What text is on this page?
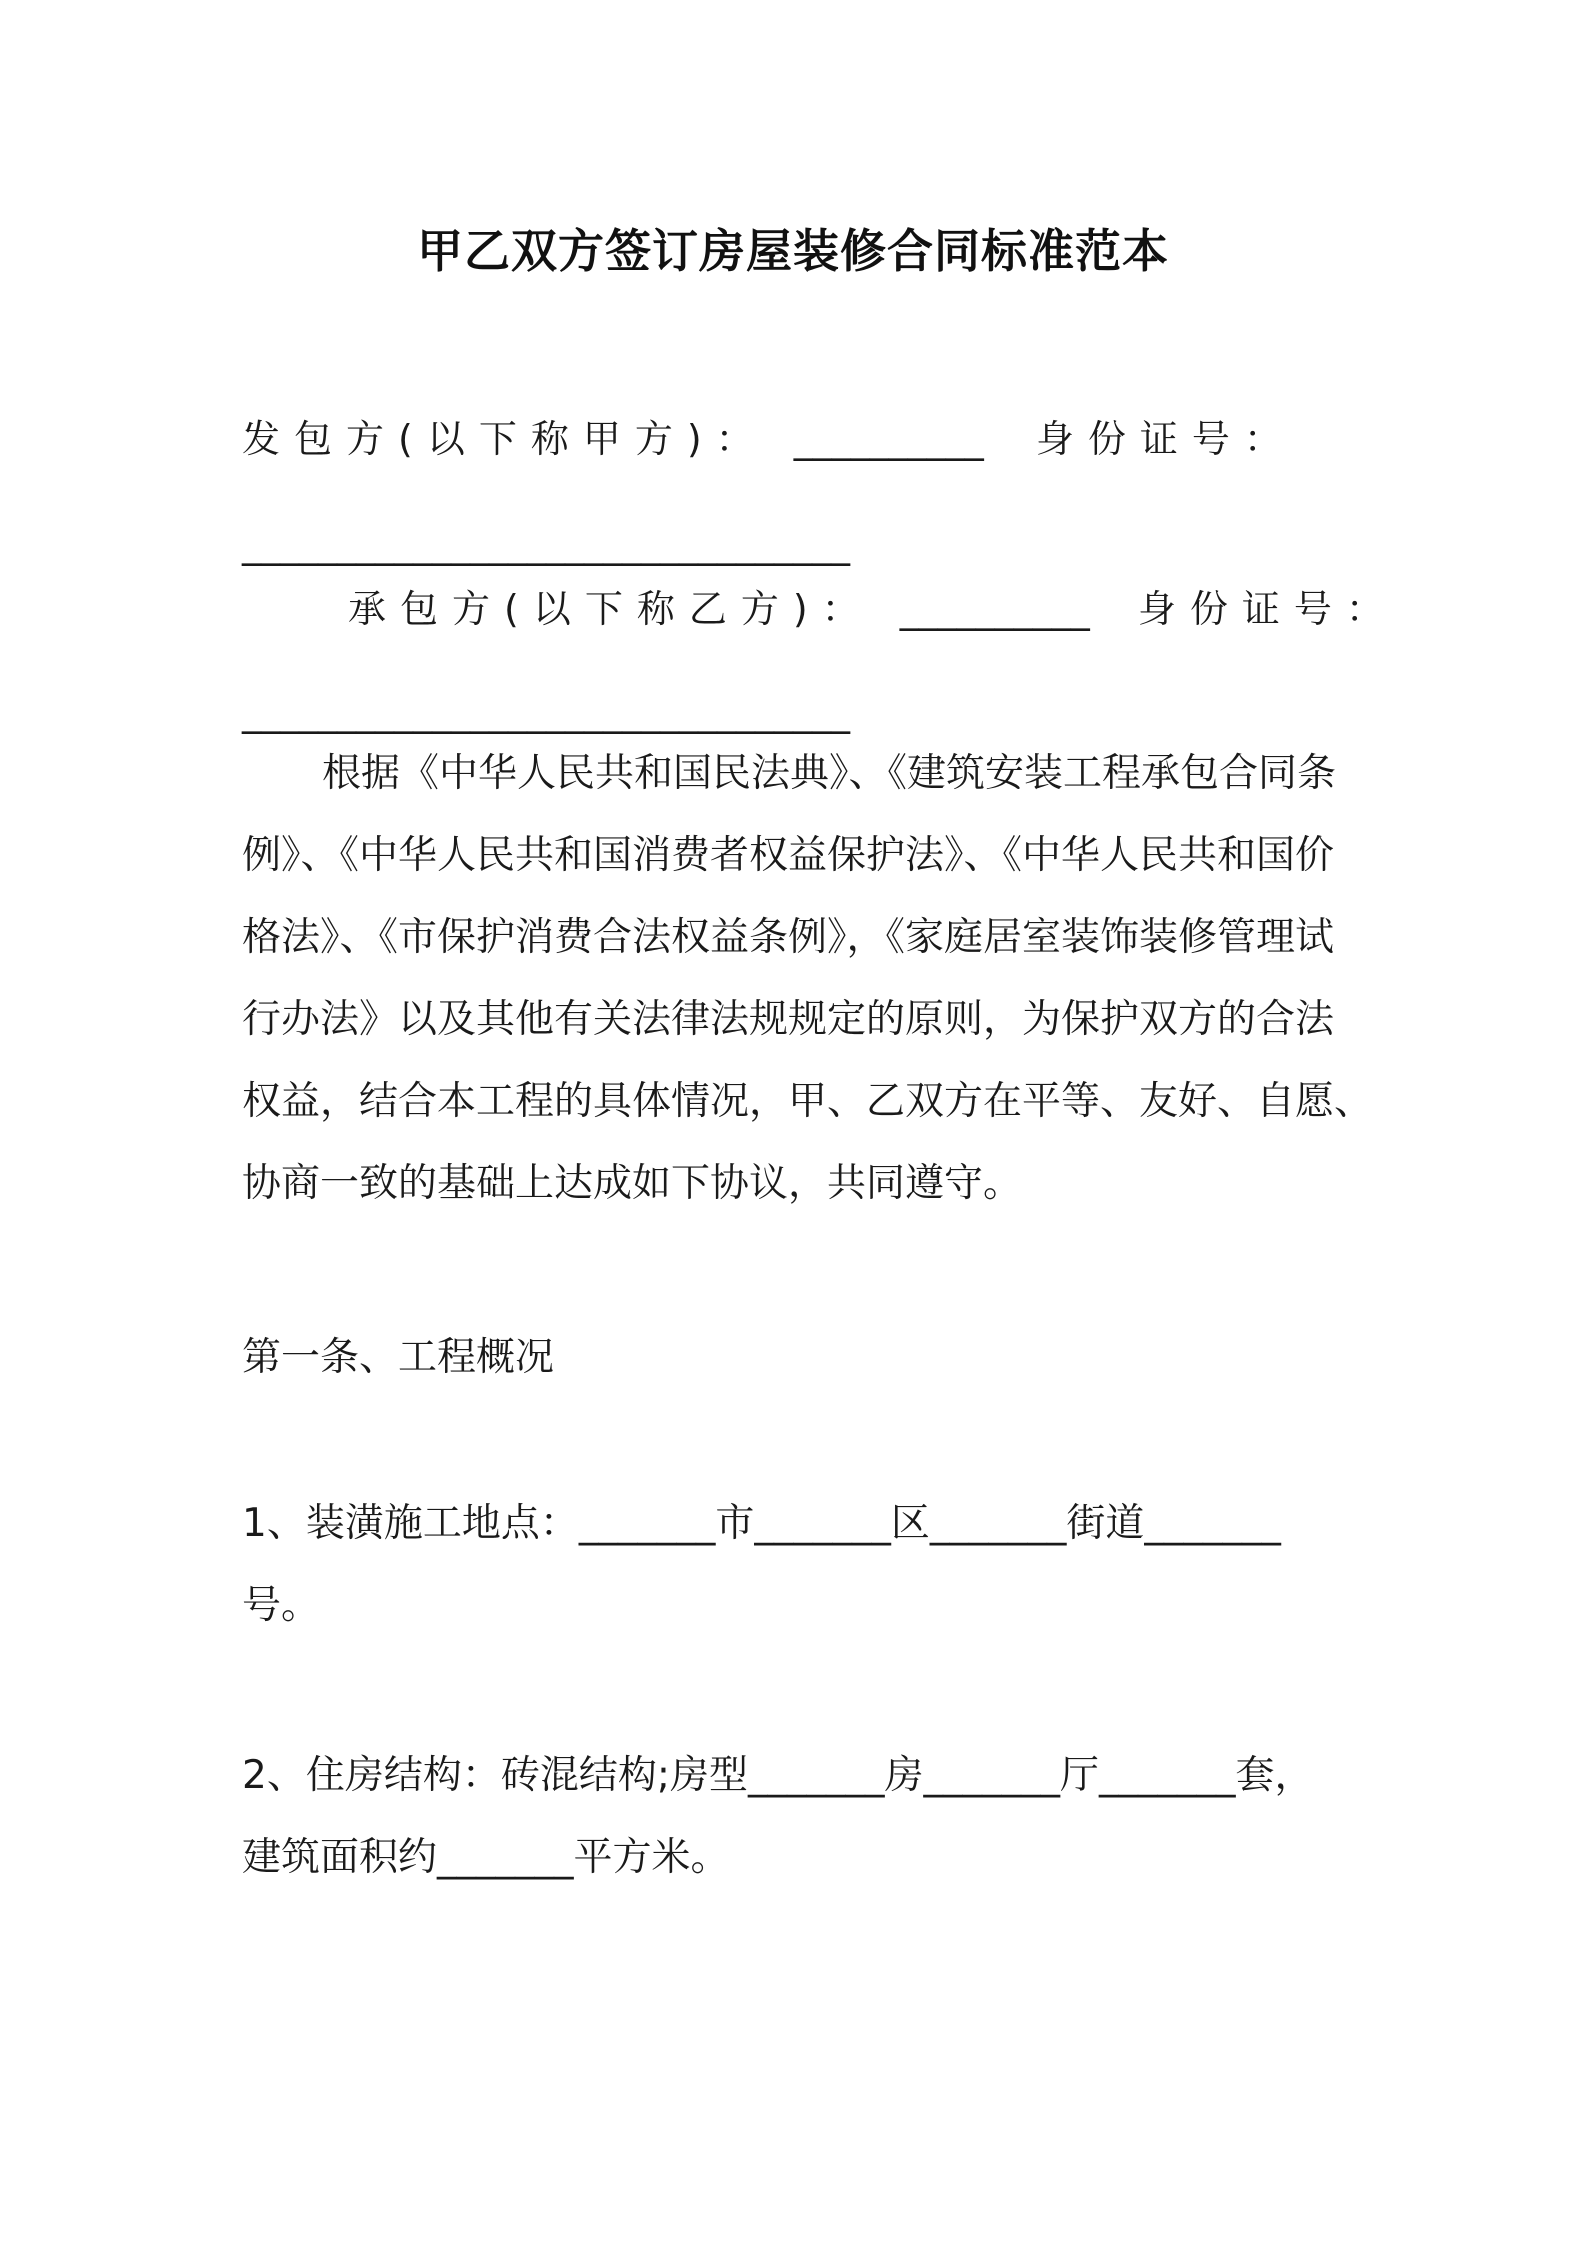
甲乙双方签订房屋装修合同标准范本
发包方(以下称甲方)： __________ 身份证号：
________________________________
承包方(以下称乙方)： __________ 身份证号：
________________________________
根据《中华人民共和国民法典》、《建筑安装工程承包合同条
例》、《中华人民共和国消费者权益保护法》、《中华人民共和国价
格法》、《市保护消费合法权益条例》，《家庭居室装饰装修管理试
行办法》以及其他有关法律法规规定的原则，为保护双方的合法
权益，结合本工程的具体情况，甲、乙双方在平等、友好、自愿、
协商一致的基础上达成如下协议，共同遵守。
第一条、工程概况
1、装潢施工地点：_______市_______区_______街道_______
号。
2、住房结构：砖混结构;房型_______房_______厅_______套，
建筑面积约_______平方米。
